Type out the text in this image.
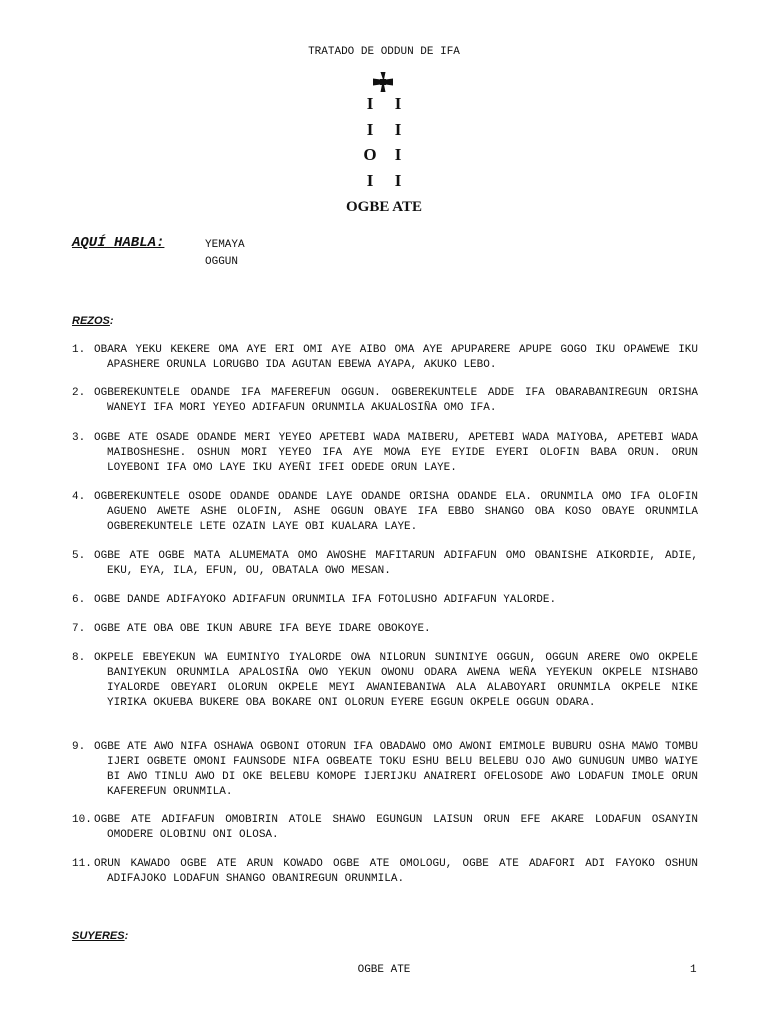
TRATADO DE ODDUN DE IFA
I I
I I
O I
I I
OGBE ATE
AQUÍ HABLA:	YEMAYA
OGGUN
REZOS:
1. OBARA YEKU KEKERE OMA AYE ERI OMI AYE AIBO OMA AYE APUPARERE APUPE GOGO IKU OPAWEWE IKU APASHERE ORUNLA LORUGBO IDA AGUTAN EBEWA AYAPA, AKUKO LEBO.
2. OGBEREKUNTELE ODANDE IFA MAFEREFUN OGGUN. OGBEREKUNTELE ADDE IFA OBARABANIREGUN ORISHA WANEYI IFA MORI YEYEO ADIFAFUN ORUNMILA AKUALOSIÑA OMO IFA.
3. OGBE ATE OSADE ODANDE MERI YEYEO APETEBI WADA MAIBERU, APETEBI WADA MAIYOBA, APETEBI WADA MAIBOSHESHE. OSHUN MORI YEYEO IFA AYE MOWA EYE EYIDE EYERI OLOFIN BABA ORUN. ORUN LOYEBONI IFA OMO LAYE IKU AYEÑI IFEI ODEDE ORUN LAYE.
4. OGBEREKUNTELE OSODE ODANDE ODANDE LAYE ODANDE ORISHA ODANDE ELA. ORUNMILA OMO IFA OLOFIN AGUENO AWETE ASHE OLOFIN, ASHE OGGUN OBAYE IFA EBBO SHANGO OBA KOSO OBAYE ORUNMILA OGBEREKUNTELE LETE OZAIN LAYE OBI KUALARA LAYE.
5. OGBE ATE OGBE MATA ALUMEMATA OMO AWOSHE MAFITARUN ADIFAFUN OMO OBANISHE AIKORDIE, ADIE, EKU, EYA, ILA, EFUN, OU, OBATALA OWO MESAN.
6. OGBE DANDE ADIFAYOKO ADIFAFUN ORUNMILA IFA FOTOLUSHO ADIFAFUN YALORDE.
7. OGBE ATE OBA OBE IKUN ABURE IFA BEYE IDARE OBOKOYE.
8. OKPELE EBEYEKUN WA EUMINIYO IYALORDE OWA NILORUN SUNINIYE OGGUN, OGGUN ARERE OWO OKPELE BANIYEKUN ORUNMILA APALOSIÑA OWO YEKUN OWONU ODARA AWENA WEÑA YEYEKUN OKPELE NISHABO IYALORDE OBEYARI OLORUN OKPELE MEYI AWANIEBANIWA ALA ALABOYARI ORUNMILA OKPELE NIKE YIRIKA OKUEBA BUKERE OBA BOKARE ONI OLORUN EYERE EGGUN OKPELE OGGUN ODARA.
9. OGBE ATE AWO NIFA OSHAWA OGBONI OTORUN IFA OBADAWO OMO AWONI EMIMOLE BUBURU OSHA MAWO TOMBU IJERI OGBETE OMONI FAUNSODE NIFA OGBEATE TOKU ESHU BELU BELEBU OJO AWO GUNUGUN UMBO WAIYE BI AWO TINLU AWO DI OKE BELEBU KOMOPE IJERIJKU ANAIRERI OFELOSODE AWO LODAFUN IMOLE ORUN KAFEREFUN ORUNMILA.
10. OGBE ATE ADIFAFUN OMOBIRIN ATOLE SHAWO EGUNGUN LAISUN ORUN EFE AKARE LODAFUN OSANYIN OMODERE OLOBINU ONI OLOSA.
11. ORUN KAWADO OGBE ATE ARUN KOWADO OGBE ATE OMOLOGU, OGBE ATE ADAFORI ADI FAYOKO OSHUN ADIFAJOKO LODAFUN SHANGO OBANIREGUN ORUNMILA.
SUYERES:
OGBE ATE	1
